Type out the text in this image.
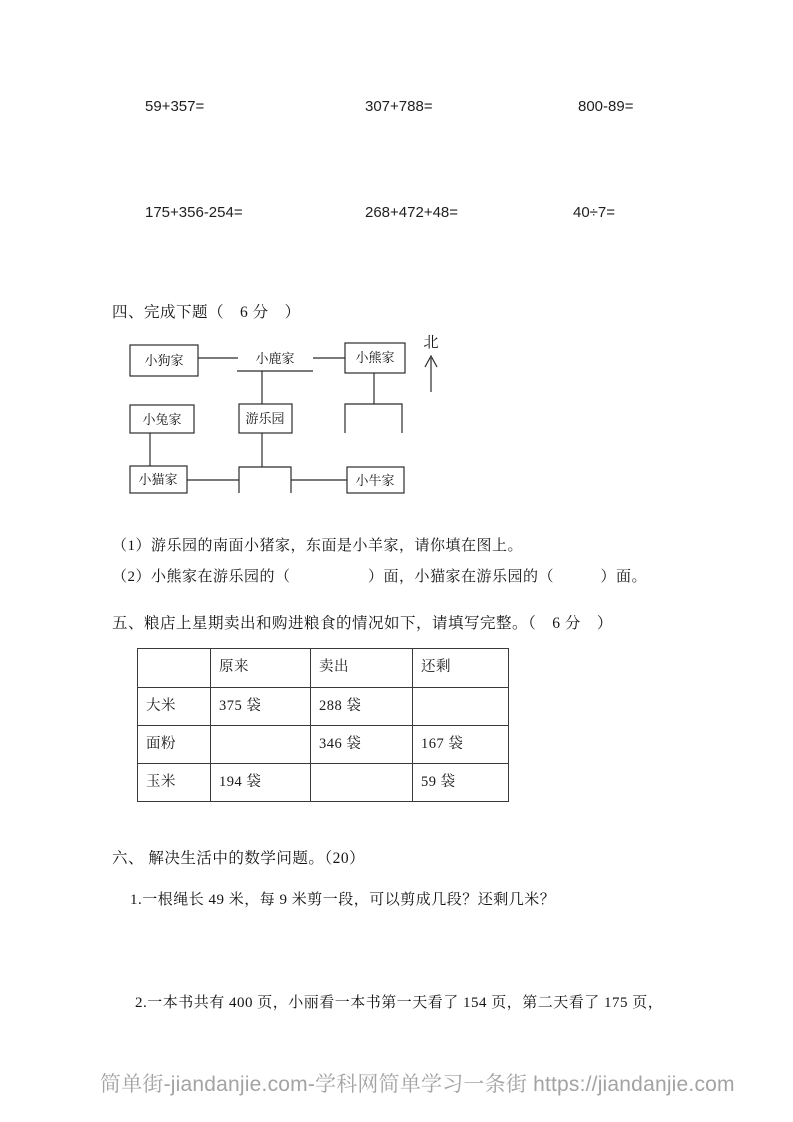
59+357=	307+788=	800-89=
175+356-254=	268+472+48=	40÷7=
四、完成下题（　6 分　）
小狗家	小鹿家	小熊家
北
小兔家	游乐园
小猫家	小牛家
（1）游乐园的南面小猪家，东面是小羊家，请你填在图上。
（2）小熊家在游乐园的（　　　　　）面，小猫家在游乐园的（　　　）面。
五、粮店上星期卖出和购进粮食的情况如下，请填写完整。（　6 分　）
	原来	卖出	还剩
大米	375 袋	288 袋	
面粉		346 袋	167 袋
玉米	194 袋		59 袋
六、 解决生活中的数学问题。（20）
1.一根绳长 49 米，每 9 米剪一段，可以剪成几段？还剩几米？
2.一本书共有 400 页，小丽看一本书第一天看了 154 页，第二天看了 175 页，
简单街-jiandanjie.com-学科网简单学习一条街 https://jiandanjie.com
